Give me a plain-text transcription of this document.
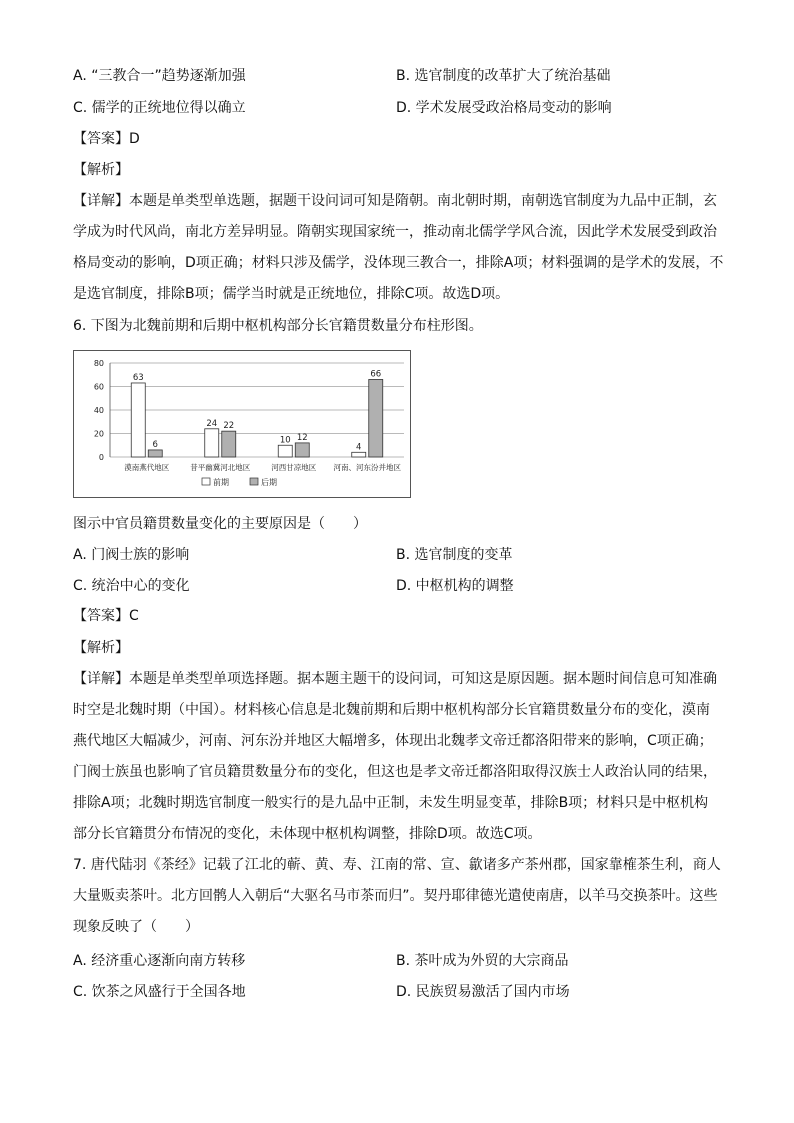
A. “三教合一”趋势逐渐加强	B. 选官制度的改革扩大了统治基础
C. 儒学的正统地位得以确立	D. 学术发展受政治格局变动的影响
【答案】D
【解析】
【详解】本题是单类型单选题，据题干设问词可知是隋朝。南北朝时期，南朝选官制度为九品中正制，玄
学成为时代风尚，南北方差异明显。隋朝实现国家统一，推动南北儒学学风合流，因此学术发展受到政治
格局变动的影响，D项正确；材料只涉及儒学，没体现三教合一，排除A项；材料强调的是学术的发展，不
是选官制度，排除B项；儒学当时就是正统地位，排除C项。故选D项。
6. 下图为北魏前期和后期中枢机构部分长官籍贯数量分布柱形图。
0
20
40
60
80
63
6
漠南燕代地区
24 22
昔平幽冀河北地区
10 12
河西甘凉地区
4
66
河南、河东汾并地区
前期	后期
图示中官员籍贯数量变化的主要原因是（　　）
A. 门阀士族的影响	B. 选官制度的变革
C. 统治中心的变化	D. 中枢机构的调整
【答案】C
【解析】
【详解】本题是单类型单项选择题。据本题主题干的设问词，可知这是原因题。据本题时间信息可知准确
时空是北魏时期（中国）。材料核心信息是北魏前期和后期中枢机构部分长官籍贯数量分布的变化，漠南
燕代地区大幅减少，河南、河东汾并地区大幅增多，体现出北魏孝文帝迁都洛阳带来的影响，C项正确；
门阀士族虽也影响了官员籍贯数量分布的变化，但这也是孝文帝迁都洛阳取得汉族士人政治认同的结果，
排除A项；北魏时期选官制度一般实行的是九品中正制，未发生明显变革，排除B项；材料只是中枢机构
部分长官籍贯分布情况的变化，未体现中枢机构调整，排除D项。故选C项。
7. 唐代陆羽《茶经》记载了江北的蕲、黄、寿、江南的常、宣、歙诸多产茶州郡，国家靠榷茶生利，商人
大量贩卖茶叶。北方回鹘人入朝后“大驱名马市茶而归”。契丹耶律德光遣使南唐，以羊马交换茶叶。这些
现象反映了（　　）
A. 经济重心逐渐向南方转移	B. 茶叶成为外贸的大宗商品
C. 饮茶之风盛行于全国各地	D. 民族贸易激活了国内市场
